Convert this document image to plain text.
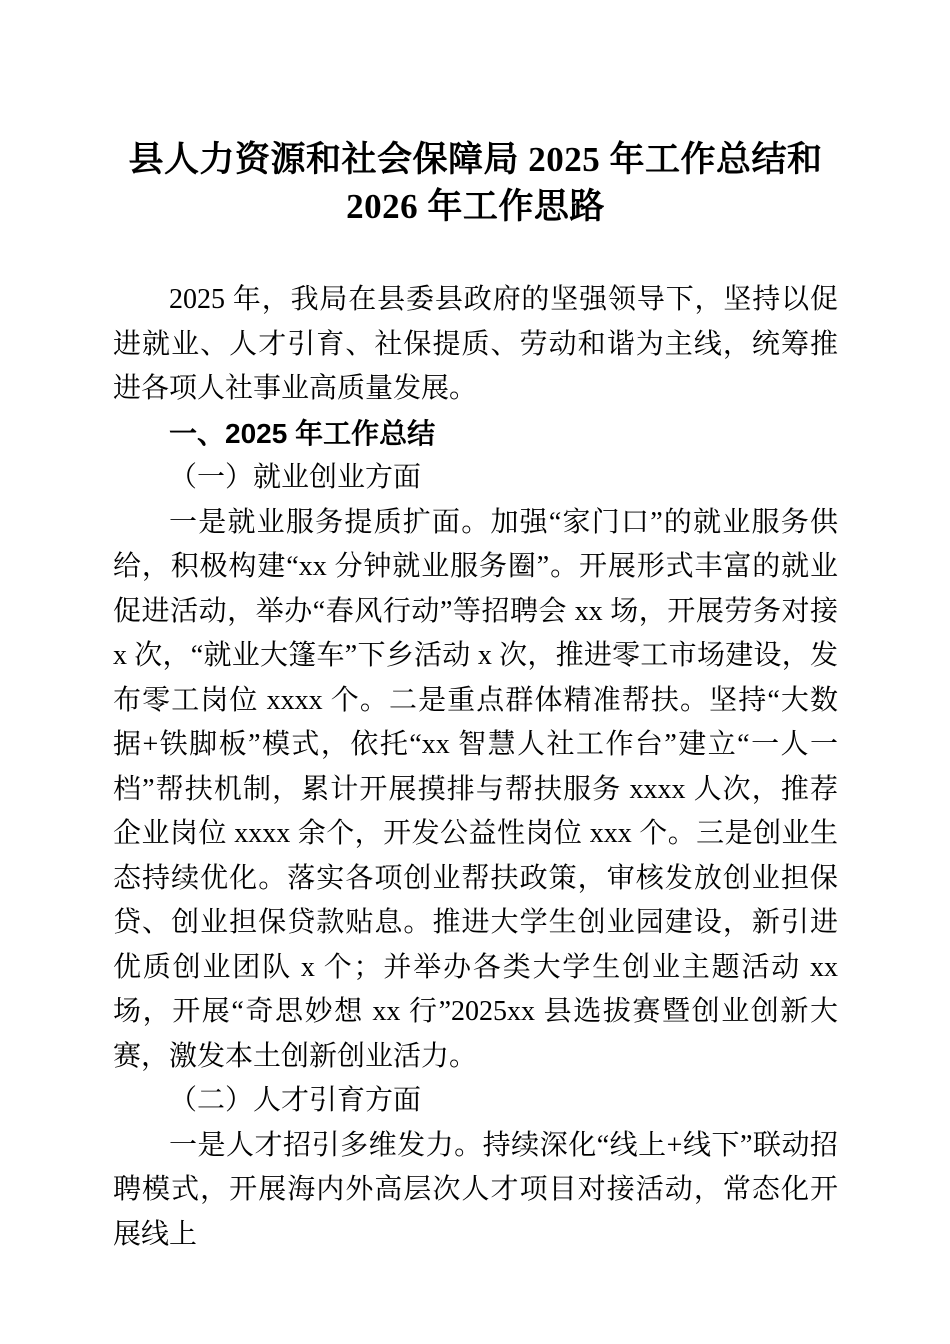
县人力资源和社会保障局 2025 年工作总结和 2026 年工作思路

2025 年，我局在县委县政府的坚强领导下，坚持以促进就业、人才引育、社保提质、劳动和谐为主线，统筹推进各项人社事业高质量发展。

一、2025 年工作总结
（一）就业创业方面

一是就业服务提质扩面。加强“家门口”的就业服务供给，积极构建“xx 分钟就业服务圈”。开展形式丰富的就业促进活动，举办“春风行动”等招聘会 xx 场，开展劳务对接 x 次，“就业大篷车”下乡活动 x 次，推进零工市场建设，发布零工岗位 xxxx 个。二是重点群体精准帮扶。坚持“大数据+铁脚板”模式，依托“xx 智慧人社工作台”建立“一人一档”帮扶机制，累计开展摸排与帮扶服务 xxxx 人次，推荐企业岗位 xxxx 余个，开发公益性岗位 xxx 个。三是创业生态持续优化。落实各项创业帮扶政策，审核发放创业担保贷、创业担保贷款贴息。推进大学生创业园建设，新引进优质创业团队 x 个；并举办各类大学生创业主题活动 xx 场，开展“奇思妙想 xx 行”2025xx 县选拔赛暨创业创新大赛，激发本土创新创业活力。

（二）人才引育方面

一是人才招引多维发力。持续深化“线上+线下”联动招聘模式，开展海内外高层次人才项目对接活动，常态化开展线上
